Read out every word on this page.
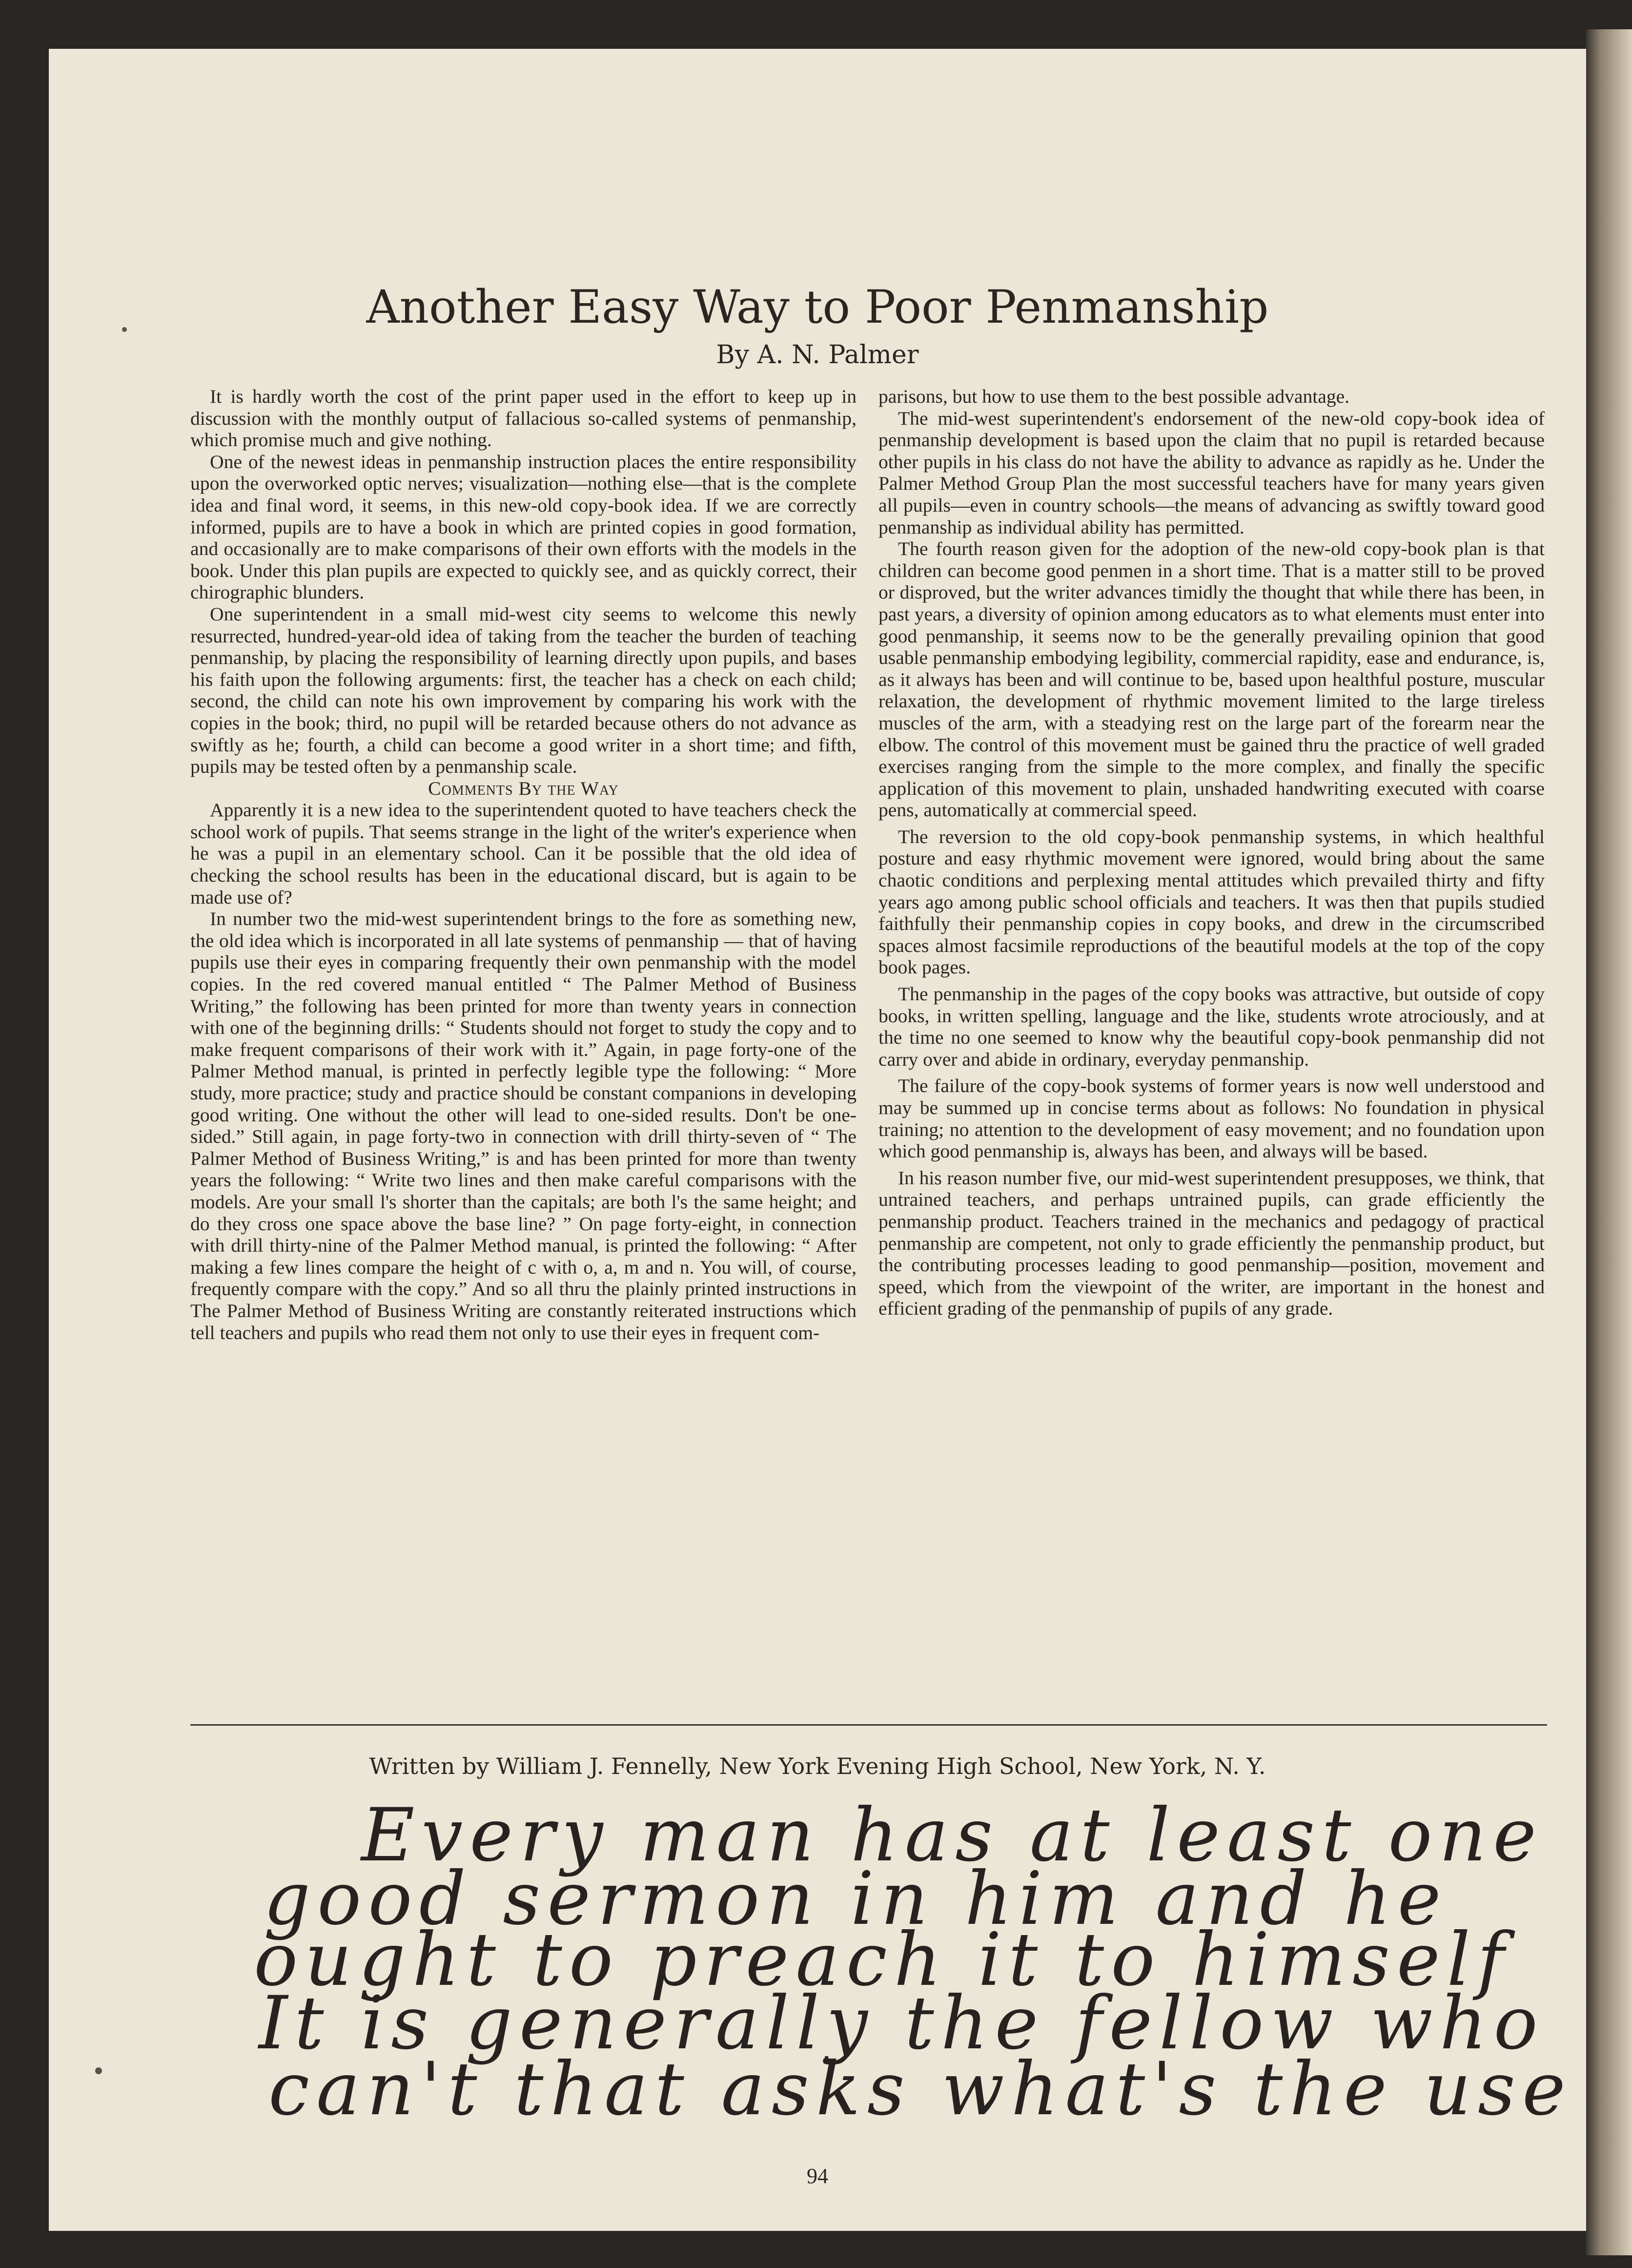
Another Easy Way to Poor Penmanship
By A. N. Palmer

It is hardly worth the cost of the print paper used in the effort to keep up in discussion with the monthly output of fallacious so-called systems of penmanship, which promise much and give nothing.

One of the newest ideas in penmanship instruction places the entire responsibility upon the overworked optic nerves; visualization—nothing else—that is the complete idea and final word, it seems, in this new-old copy-book idea. If we are correctly informed, pupils are to have a book in which are printed copies in good formation, and occasionally are to make comparisons of their own efforts with the models in the book. Under this plan pupils are expected to quickly see, and as quickly correct, their chirographic blunders.

One superintendent in a small mid-west city seems to welcome this newly resurrected, hundred-year-old idea of taking from the teacher the burden of teaching penmanship, by placing the responsibility of learning directly upon pupils, and bases his faith upon the following arguments: first, the teacher has a check on each child; second, the child can note his own improvement by comparing his work with the copies in the book; third, no pupil will be retarded because others do not advance as swiftly as he; fourth, a child can become a good writer in a short time; and fifth, pupils may be tested often by a penmanship scale.

Comments By the Way

Apparently it is a new idea to the superintendent quoted to have teachers check the school work of pupils. That seems strange in the light of the writer's experience when he was a pupil in an elementary school. Can it be possible that the old idea of checking the school results has been in the educational discard, but is again to be made use of?

In number two the mid-west superintendent brings to the fore as something new, the old idea which is incorporated in all late systems of penmanship — that of having pupils use their eyes in comparing frequently their own penmanship with the model copies. In the red covered manual entitled “ The Palmer Method of Business Writing,” the following has been printed for more than twenty years in connection with one of the beginning drills: “ Students should not forget to study the copy and to make frequent comparisons of their work with it.” Again, in page forty-one of the Palmer Method manual, is printed in perfectly legible type the following: “ More study, more practice; study and practice should be constant companions in developing good writing. One without the other will lead to one-sided results. Don't be one-sided.” Still again, in page forty-two in connection with drill thirty-seven of “ The Palmer Method of Business Writing,” is and has been printed for more than twenty years the following: “ Write two lines and then make careful comparisons with the models. Are your small l's shorter than the capitals; are both l's the same height; and do they cross one space above the base line? ” On page forty-eight, in connection with drill thirty-nine of the Palmer Method manual, is printed the following: “ After making a few lines compare the height of c with o, a, m and n. You will, of course, frequently compare with the copy.” And so all thru the plainly printed instructions in The Palmer Method of Business Writing are constantly reiterated instructions which tell teachers and pupils who read them not only to use their eyes in frequent com-

parisons, but how to use them to the best possible advantage.

The mid-west superintendent's endorsement of the new-old copy-book idea of penmanship development is based upon the claim that no pupil is retarded because other pupils in his class do not have the ability to advance as rapidly as he. Under the Palmer Method Group Plan the most successful teachers have for many years given all pupils—even in country schools—the means of advancing as swiftly toward good penmanship as individual ability has permitted.

The fourth reason given for the adoption of the new-old copy-book plan is that children can become good penmen in a short time. That is a matter still to be proved or disproved, but the writer advances timidly the thought that while there has been, in past years, a diversity of opinion among educators as to what elements must enter into good penmanship, it seems now to be the generally prevailing opinion that good usable penmanship embodying legibility, commercial rapidity, ease and endurance, is, as it always has been and will continue to be, based upon healthful posture, muscular relaxation, the development of rhythmic movement limited to the large tireless muscles of the arm, with a steadying rest on the large part of the forearm near the elbow. The control of this movement must be gained thru the practice of well graded exercises ranging from the simple to the more complex, and finally the specific application of this movement to plain, unshaded handwriting executed with coarse pens, automatically at commercial speed.

The reversion to the old copy-book penmanship systems, in which healthful posture and easy rhythmic movement were ignored, would bring about the same chaotic conditions and perplexing mental attitudes which prevailed thirty and fifty years ago among public school officials and teachers. It was then that pupils studied faithfully their penmanship copies in copy books, and drew in the circumscribed spaces almost facsimile reproductions of the beautiful models at the top of the copy book pages.

The penmanship in the pages of the copy books was attractive, but outside of copy books, in written spelling, language and the like, students wrote atrociously, and at the time no one seemed to know why the beautiful copy-book penmanship did not carry over and abide in ordinary, everyday penmanship.

The failure of the copy-book systems of former years is now well understood and may be summed up in concise terms about as follows: No foundation in physical training; no attention to the development of easy movement; and no foundation upon which good penmanship is, always has been, and always will be based.

In his reason number five, our mid-west superintendent presupposes, we think, that untrained teachers, and perhaps untrained pupils, can grade efficiently the penmanship product. Teachers trained in the mechanics and pedagogy of practical penmanship are competent, not only to grade efficiently the penmanship product, but the contributing processes leading to good penmanship—position, movement and speed, which from the viewpoint of the writer, are important in the honest and efficient grading of the penmanship of pupils of any grade.

Written by William J. Fennelly, New York Evening High School, New York, N. Y.
Every man has at least one
good sermon in him and he
ought to preach it to himself
It is generally the fellow who
can't that asks what's the use
94
